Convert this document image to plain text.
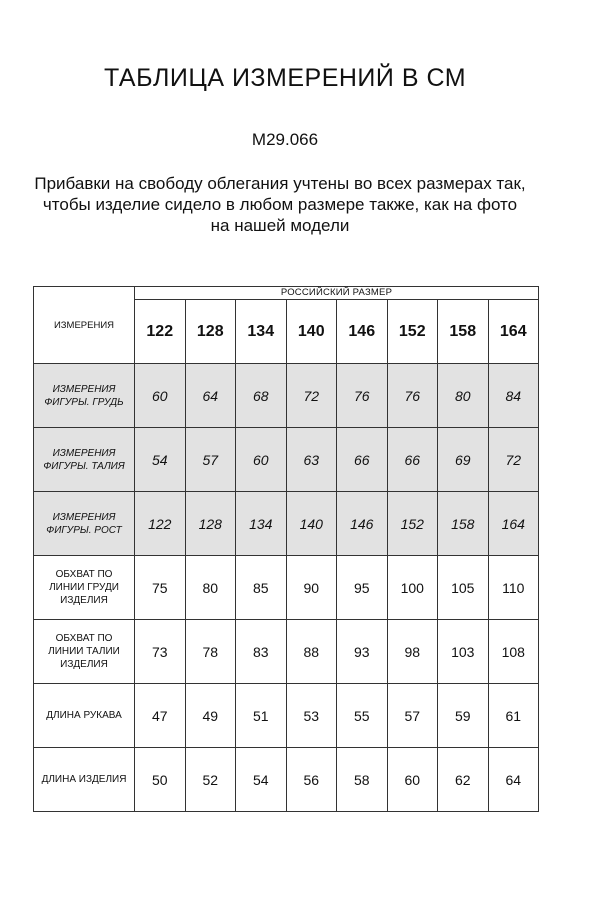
ТАБЛИЦА ИЗМЕРЕНИЙ В СМ
M29.066
Прибавки на свободу облегания учтены во всех размерах так,
чтобы изделие сидело в любом размере также, как на фото
на нашей модели
ИЗМЕРЕНИЯ	РОССИЙСКИЙ РАЗМЕР							
	122	128	134	140	146	152	158	164

ИЗМЕРЕНИЯ
ФИГУРЫ. ГРУДЬ	60	64	68	72	76	76	80	84

ИЗМЕРЕНИЯ
ФИГУРЫ. ТАЛИЯ	54	57	60	63	66	66	69	72

ИЗМЕРЕНИЯ
ФИГУРЫ. РОСТ	122	128	134	140	146	152	158	164

ОБХВАТ ПО
ЛИНИИ ГРУДИ
ИЗДЕЛИЯ	75	80	85	90	95	100	105	110

ОБХВАТ ПО
ЛИНИИ ТАЛИИ
ИЗДЕЛИЯ	73	78	83	88	93	98	103	108

ДЛИНА РУКАВА	47	49	51	53	55	57	59	61

ДЛИНА ИЗДЕЛИЯ	50	52	54	56	58	60	62	64
